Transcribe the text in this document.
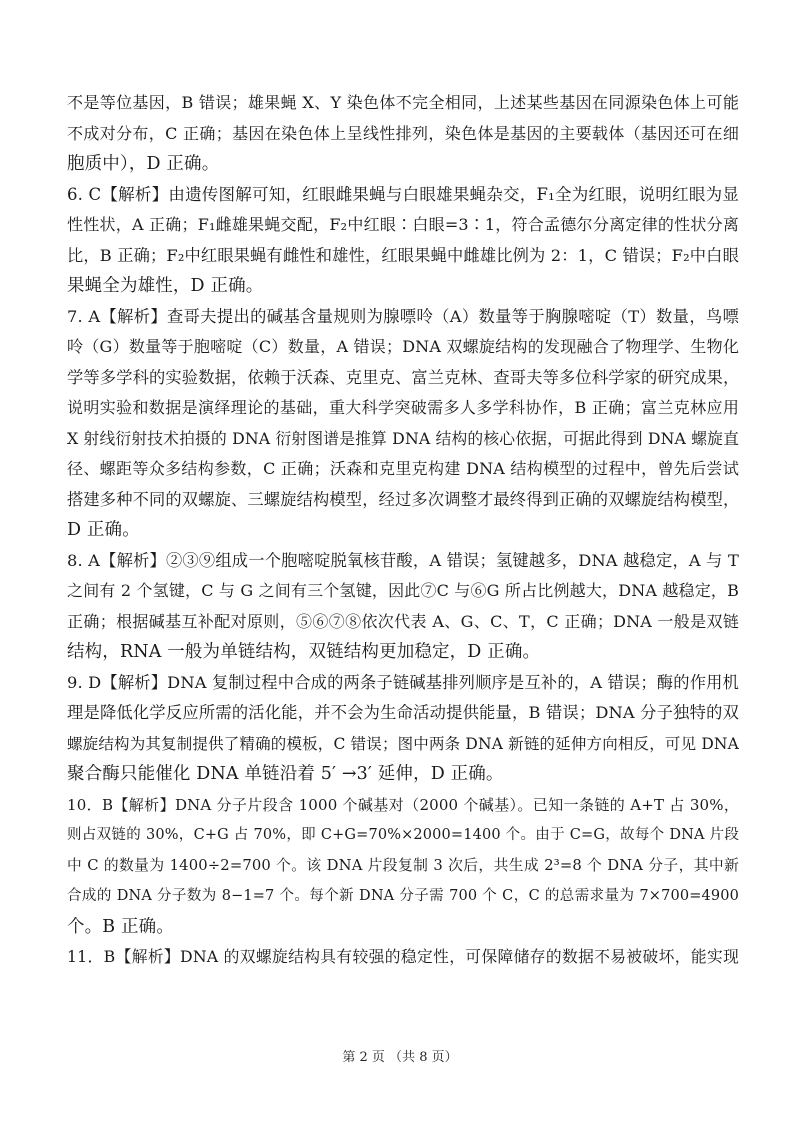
不是等位基因，B 错误；雄果蝇 X、Y 染色体不完全相同，上述某些基因在同源染色体上可能
不成对分布，C 正确；基因在染色体上呈线性排列，染色体是基因的主要载体（基因还可在细
胞质中），D 正确。
6. C【解析】由遗传图解可知，红眼雌果蝇与白眼雄果蝇杂交，F₁全为红眼，说明红眼为显
性性状，A 正确；F₁雌雄果蝇交配，F₂中红眼∶白眼=3∶1，符合孟德尔分离定律的性状分离
比，B 正确；F₂中红眼果蝇有雌性和雄性，红眼果蝇中雌雄比例为 2：1，C 错误；F₂中白眼
果蝇全为雄性，D 正确。
7. A【解析】查哥夫提出的碱基含量规则为腺嘌呤（A）数量等于胸腺嘧啶（T）数量，鸟嘌
呤（G）数量等于胞嘧啶（C）数量，A 错误；DNA 双螺旋结构的发现融合了物理学、生物化
学等多学科的实验数据，依赖于沃森、克里克、富兰克林、查哥夫等多位科学家的研究成果，
说明实验和数据是演绎理论的基础，重大科学突破需多人多学科协作，B 正确；富兰克林应用
X 射线衍射技术拍摄的 DNA 衍射图谱是推算 DNA 结构的核心依据，可据此得到 DNA 螺旋直
径、螺距等众多结构参数，C 正确；沃森和克里克构建 DNA 结构模型的过程中，曾先后尝试
搭建多种不同的双螺旋、三螺旋结构模型，经过多次调整才最终得到正确的双螺旋结构模型，
D 正确。
8. A【解析】②③⑨组成一个胞嘧啶脱氧核苷酸，A 错误；氢键越多，DNA 越稳定，A 与 T
之间有 2 个氢键，C 与 G 之间有三个氢键，因此⑦C 与⑥G 所占比例越大，DNA 越稳定，B
正确；根据碱基互补配对原则，⑤⑥⑦⑧依次代表 A、G、C、T，C 正确；DNA 一般是双链
结构，RNA 一般为单链结构，双链结构更加稳定，D 正确。
9. D【解析】DNA 复制过程中合成的两条子链碱基排列顺序是互补的，A 错误；酶的作用机
理是降低化学反应所需的活化能，并不会为生命活动提供能量，B 错误；DNA 分子独特的双
螺旋结构为其复制提供了精确的模板，C 错误；图中两条 DNA 新链的延伸方向相反，可见 DNA
聚合酶只能催化 DNA 单链沿着 5′ →3′ 延伸，D 正确。
10．B【解析】DNA 分子片段含 1000 个碱基对（2000 个碱基）。已知一条链的 A+T 占 30%，
则占双链的 30%，C+G 占 70%，即 C+G=70%×2000=1400 个。由于 C=G，故每个 DNA 片段
中 C 的数量为 1400÷2=700 个。该 DNA 片段复制 3 次后，共生成 2³=8 个 DNA 分子，其中新
合成的 DNA 分子数为 8−1=7 个。每个新 DNA 分子需 700 个 C，C 的总需求量为 7×700=4900
个。B 正确。
11．B【解析】DNA 的双螺旋结构具有较强的稳定性，可保障储存的数据不易被破坏，能实现
第 2 页 （共 8 页）
